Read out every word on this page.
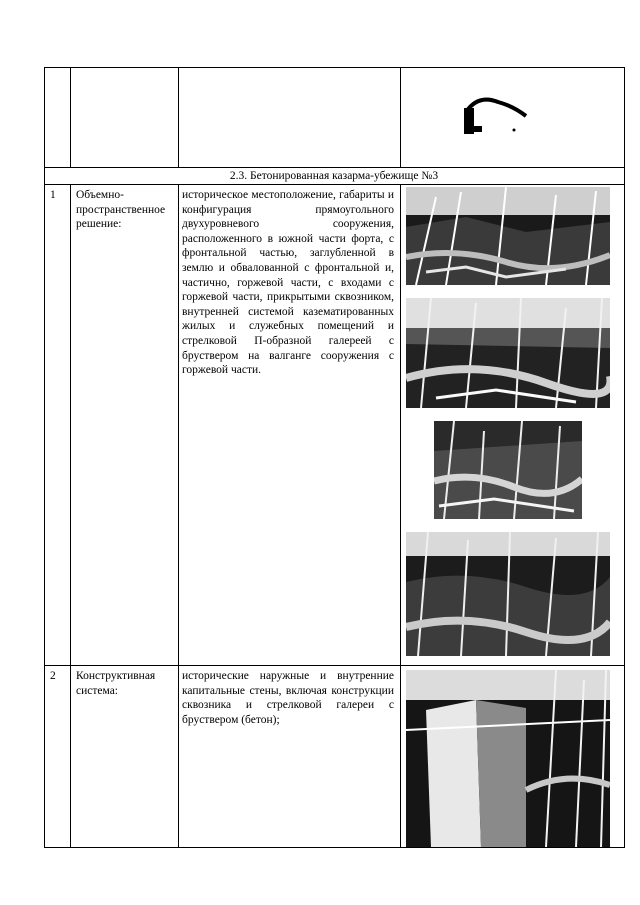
2.3. Бетонированная казарма-убежище №3
1	Объемно-пространственное решение:
историческое местоположение, габариты и конфигурация прямоугольного двухуровневого сооружения, расположенного в южной части форта, с фронтальной частью, заглубленной в землю и обвалованной с фронтальной и, частично, горжевой части, с входами с горжевой части, прикрытыми сквозником, внутренней системой казематированных жилых и служебных помещений и стрелковой П-образной галереей с бруствером на валганге сооружения с горжевой части.
2	Конструктивная система:
исторические наружные и внутренние капитальные стены, включая конструкции сквозника и стрелковой галереи с бруствером (бетон);
